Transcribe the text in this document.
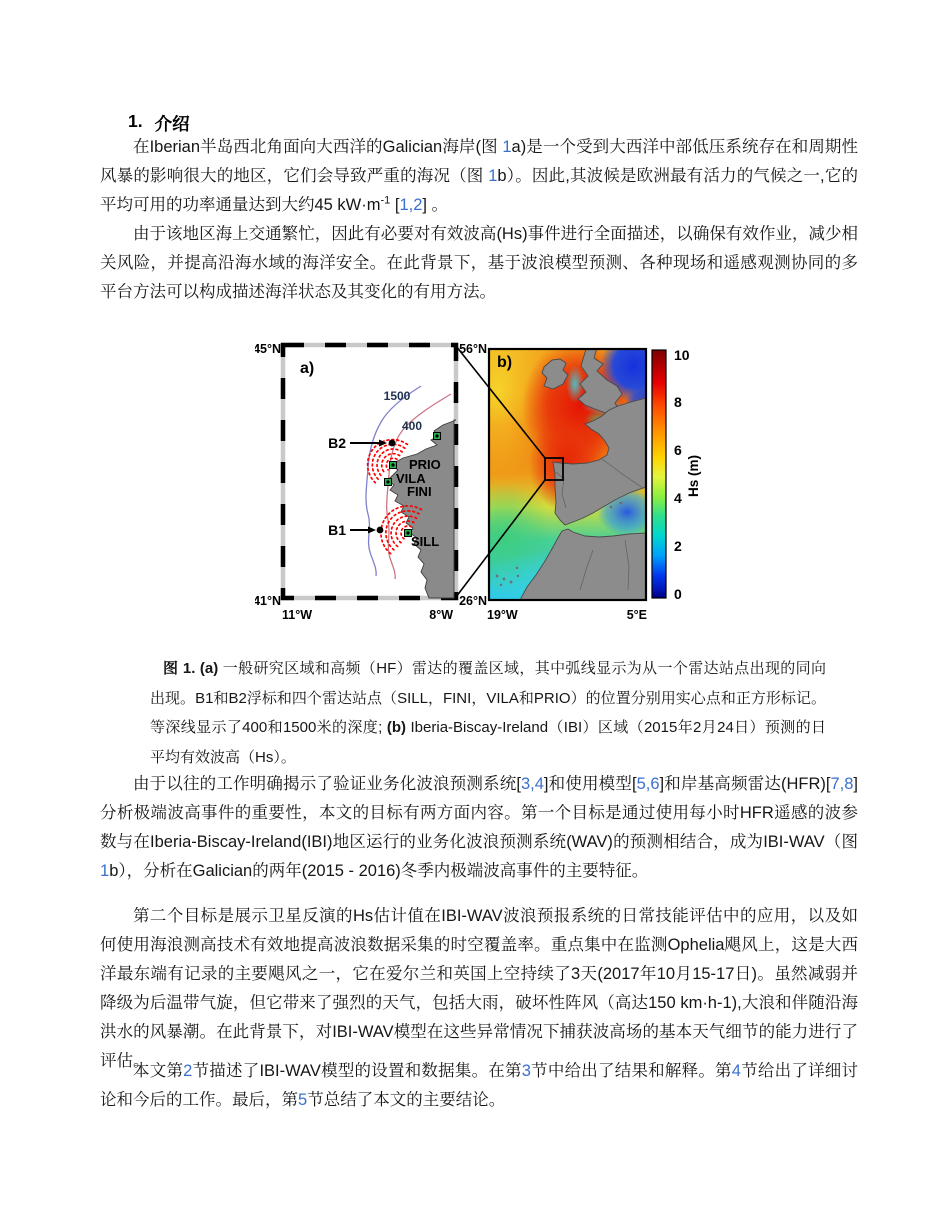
1. 介绍

在Iberian半岛西北角面向大西洋的Galician海岸(图 1a)是一个受到大西洋中部低压系统存在和周期性风暴的影响很大的地区，它们会导致严重的海况（图 1b）。因此,其波候是欧洲最有活力的气候之一,它的平均可用的功率通量达到大约45 $kW\cdot m^{-1}$ [1,2] 。

由于该地区海上交通繁忙，因此有必要对有效波高(Hs)事件进行全面描述，以确保有效作业，减少相关风险，并提高沿海水域的海洋安全。在此背景下，基于波浪模型预测、各种现场和遥感观测协同的多平台方法可以构成描述海洋状态及其变化的有用方法。

1500
400
B2
B1
PRIO
VILA
FINI
SILL
a)
45°N
41°N
11°W	8°W
b)
56°N
26°N
19°W	5°E
10
8
6
4
2
0
Hs (m)

图 1. (a) 一般研究区域和高频（HF）雷达的覆盖区域，其中弧线显示为从一个雷达站点出现的同向出现。B1和B2浮标和四个雷达站点（SILL，FINI，VILA和PRIO）的位置分别用实心点和正方形标记。等深线显示了400和1500米的深度; (b) Iberia-Biscay-Ireland（IBI）区域（2015年2月24日）预测的日平均有效波高（Hs）。

由于以往的工作明确揭示了验证业务化波浪预测系统[3,4]和使用模型[5,6]和岸基高频雷达(HFR)[7,8]分析极端波高事件的重要性，本文的目标有两方面内容。第一个目标是通过使用每小时HFR遥感的波参数与在Iberia-Biscay-Ireland(IBI)地区运行的业务化波浪预测系统(WAV)的预测相结合，成为IBI-WAV（图 1b），分析在Galician的两年(2015 - 2016)冬季内极端波高事件的主要特征。

第二个目标是展示卫星反演的Hs估计值在IBI-WAV波浪预报系统的日常技能评估中的应用，以及如何使用海浪测高技术有效地提高波浪数据采集的时空覆盖率。重点集中在监测Ophelia飓风上，这是大西洋最东端有记录的主要飓风之一，它在爱尔兰和英国上空持续了3天(2017年10月15-17日)。虽然减弱并降级为后温带气旋，但它带来了强烈的天气，包括大雨，破坏性阵风（高达150 km·h-1),大浪和伴随沿海洪水的风暴潮。在此背景下，对IBI-WAV模型在这些异常情况下捕获波高场的基本天气细节的能力进行了评估。

本文第2节描述了IBI-WAV模型的设置和数据集。在第3节中给出了结果和解释。第4节给出了详细讨论和今后的工作。最后，第5节总结了本文的主要结论。
